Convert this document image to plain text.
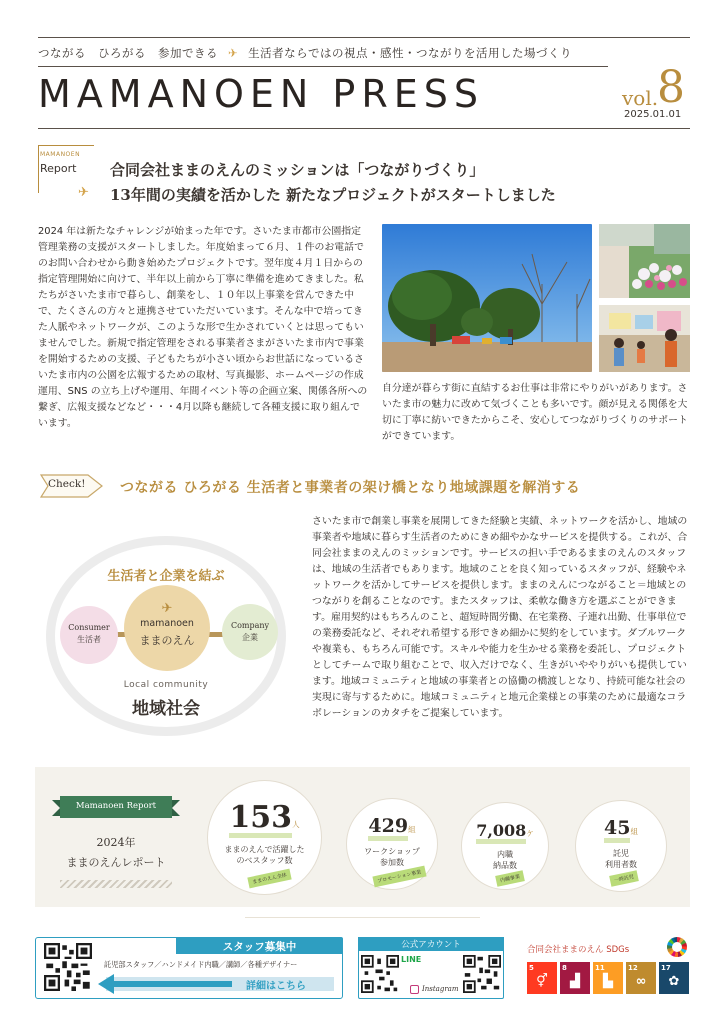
つながる　ひろがる　参加できる ✈ 生活者ならではの視点・感性・つながりを活用した場づくり
MAMANOEN PRESS	vol.
8
2025.01.01
MAMANOEN
Report
✈
合同会社ままのえんのミッションは「つながりづくり」
13年間の実績を活かした 新たなプロジェクトがスタートしました

2024 年は新たなチャレンジが始まった年です。さいたま市都市公園指定管理業務の支援がスタートしました。年度始まって６月、１件のお電話でのお問い合わせから動き始めたプロジェクトです。翌年度４月１日からの指定管理開始に向けて、半年以上前から丁寧に準備を進めてきました。私たちがさいたま市で暮らし、創業をし、１０年以上事業を営んできた中で、たくさんの方々と連携させていただいています。そんな中で培ってきた人脈やネットワークが、このような形で生かされていくとは思ってもいませんでした。新規で指定管理をされる事業者さまがさいたま市内で事業を開始するための支援、子どもたちが小さい頃からお世話になっているさいたま市内の公園を広報するための取材、写真撮影、ホームページの作成運用、SNS の立ち上げや運用、年間イベント等の企画立案、関係各所への繋ぎ、広報支援などなど・・・4月以降も継続して各種支援に取り組んでいます。

自分達が暮らす街に直結するお仕事は非常にやりがいがあります。さいたま市の魅力に改めて気づくことも多いです。顔が見える関係を大切に丁寧に紡いできたからこそ、安心してつながりづくりのサポートができています。

Check! つながる ひろがる 生活者と事業者の架け橋となり地域課題を解消する
生活者と企業を結ぶ
Consumer
生活者
✈
mamanoen
ままのえん
Company
企業
Local community
地域社会

さいたま市で創業し事業を展開してきた経験と実績、ネットワークを活かし、地域の事業者や地域に暮らす生活者のためにきめ細やかなサービスを提供する。これが、合同会社ままのえんのミッションです。サービスの担い手であるままのえんのスタッフは、地域の生活者でもあります。地域のことを良く知っているスタッフが、経験やネットワークを活かしてサービスを提供します。ままのえんにつながること＝地域とのつながりを創ることなのです。またスタッフは、柔軟な働き方を選ぶことができます。雇用契約はもちろんのこと、超短時間労働、在宅業務、子連れ出勤、仕事単位での業務委託など、それぞれ希望する形できめ細かに契約をしています。ダブルワークや複業も、もちろん可能です。スキルや能力を生かせる業務を委託し、プロジェクトとしてチームで取り組むことで、収入だけでなく、生きがいややりがいも提供しています。地域コミュニティと地域の事業者との協働の橋渡しとなり、持続可能な社会の実現に寄与するために。地域コミュニティと地元企業様との事業のために最適なコラボレーションのカタチをご提案しています。

Mamanoen Report
2024年
ままのえんレポート
153人
ままのえんで活躍した
のべスタッフ数
ままのえん全体
429組
ワークショップ
参加数
プロモーション事業
7,008ケ
内職
納品数
内職事業
45組
託児
利用者数
一時託児
スタッフ募集中
託児部スタッフ／ハンドメイド内職／講師／各種デザイナー
詳細はこちら
公式アカウント
LINE
Instagram
合同会社ままのえん SDGs
5
⚥
8
▟
11
▙
12
∞
17
✿
